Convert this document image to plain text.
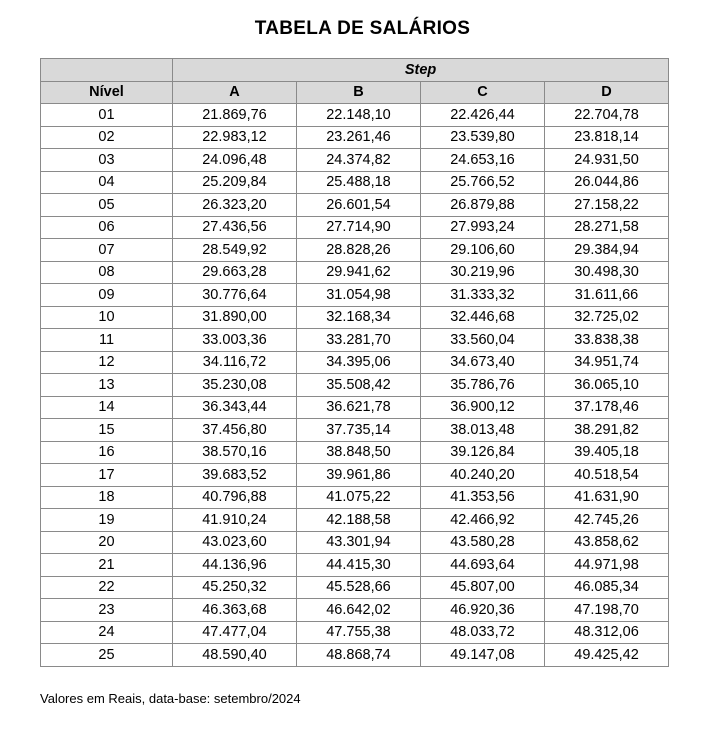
TABELA DE SALÁRIOS
	Step			
Nível	A	B	C	D
01	21.869,76	22.148,10	22.426,44	22.704,78
02	22.983,12	23.261,46	23.539,80	23.818,14
03	24.096,48	24.374,82	24.653,16	24.931,50
04	25.209,84	25.488,18	25.766,52	26.044,86
05	26.323,20	26.601,54	26.879,88	27.158,22
06	27.436,56	27.714,90	27.993,24	28.271,58
07	28.549,92	28.828,26	29.106,60	29.384,94
08	29.663,28	29.941,62	30.219,96	30.498,30
09	30.776,64	31.054,98	31.333,32	31.611,66
10	31.890,00	32.168,34	32.446,68	32.725,02
11	33.003,36	33.281,70	33.560,04	33.838,38
12	34.116,72	34.395,06	34.673,40	34.951,74
13	35.230,08	35.508,42	35.786,76	36.065,10
14	36.343,44	36.621,78	36.900,12	37.178,46
15	37.456,80	37.735,14	38.013,48	38.291,82
16	38.570,16	38.848,50	39.126,84	39.405,18
17	39.683,52	39.961,86	40.240,20	40.518,54
18	40.796,88	41.075,22	41.353,56	41.631,90
19	41.910,24	42.188,58	42.466,92	42.745,26
20	43.023,60	43.301,94	43.580,28	43.858,62
21	44.136,96	44.415,30	44.693,64	44.971,98
22	45.250,32	45.528,66	45.807,00	46.085,34
23	46.363,68	46.642,02	46.920,36	47.198,70
24	47.477,04	47.755,38	48.033,72	48.312,06
25	48.590,40	48.868,74	49.147,08	49.425,42
Valores em Reais, data-base: setembro/2024
